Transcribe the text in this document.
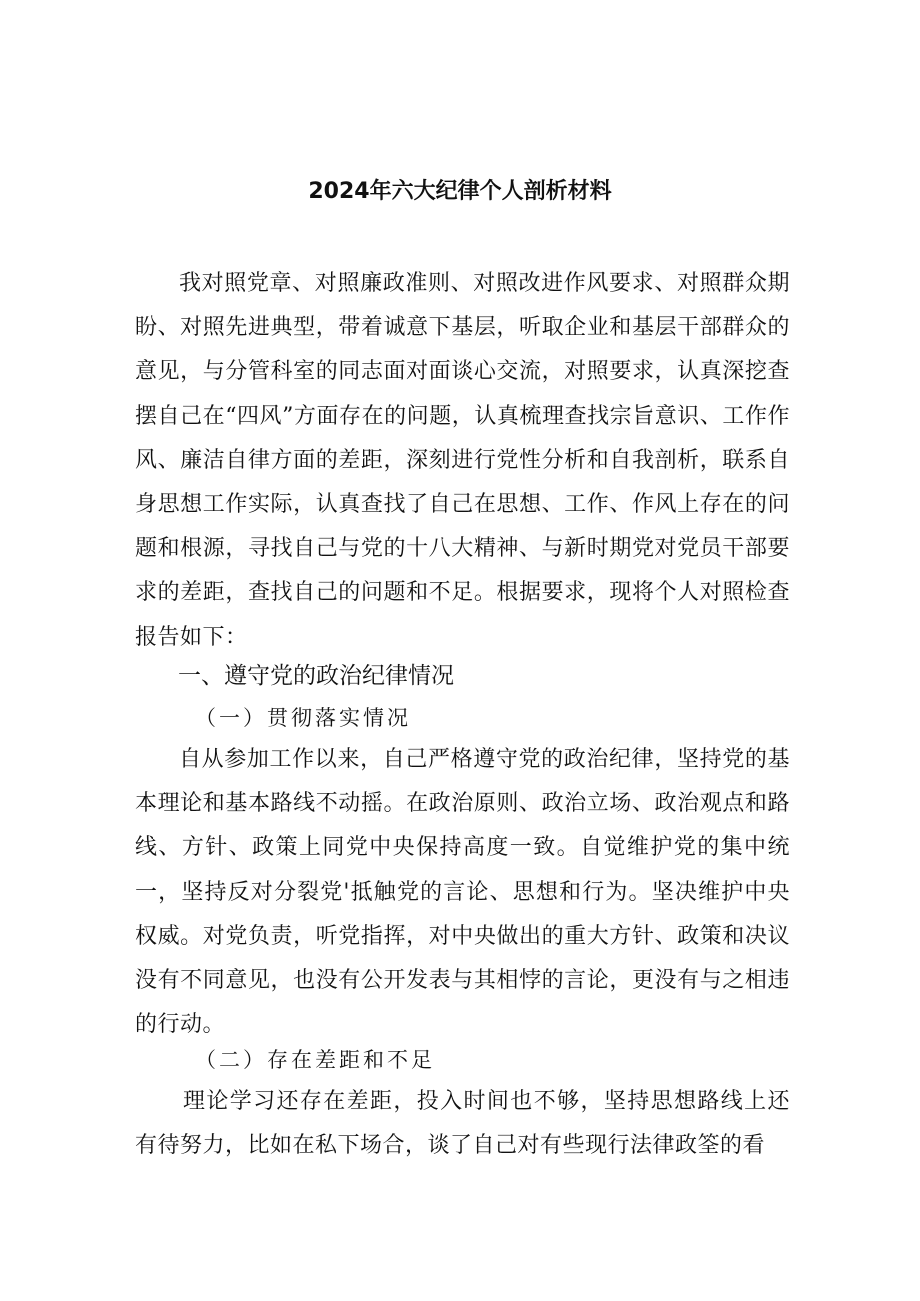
2024年六大纪律个人剖析材料

我对照党章、对照廉政准则、对照改进作风要求、对照群众期盼、对照先进典型，带着诚意下基层，听取企业和基层干部群众的意见，与分管科室的同志面对面谈心交流，对照要求，认真深挖查摆自己在“四风”方面存在的问题，认真梳理查找宗旨意识、工作作风、廉洁自律方面的差距，深刻进行党性分析和自我剖析，联系自身思想工作实际，认真查找了自己在思想、工作、作风上存在的问题和根源，寻找自己与党的十八大精神、与新时期党对党员干部要求的差距，查找自己的问题和不足。根据要求，现将个人对照检查报告如下：

一、遵守党的政治纪律情况
（一）贯彻落实情况

自从参加工作以来，自己严格遵守党的政治纪律，坚持党的基本理论和基本路线不动摇。在政治原则、政治立场、政治观点和路线、方针、政策上同党中央保持高度一致。自觉维护党的集中统一，坚持反对分裂党'抵触党的言论、思想和行为。坚决维护中央权威。对党负责，听党指挥，对中央做出的重大方针、政策和决议没有不同意见，也没有公开发表与其相悖的言论，更没有与之相违的行动。

（二）存在差距和不足

理论学习还存在差距，投入时间也不够，坚持思想路线上还有待努力，比如在私下场合，谈了自己对有些现行法律政筌的看
